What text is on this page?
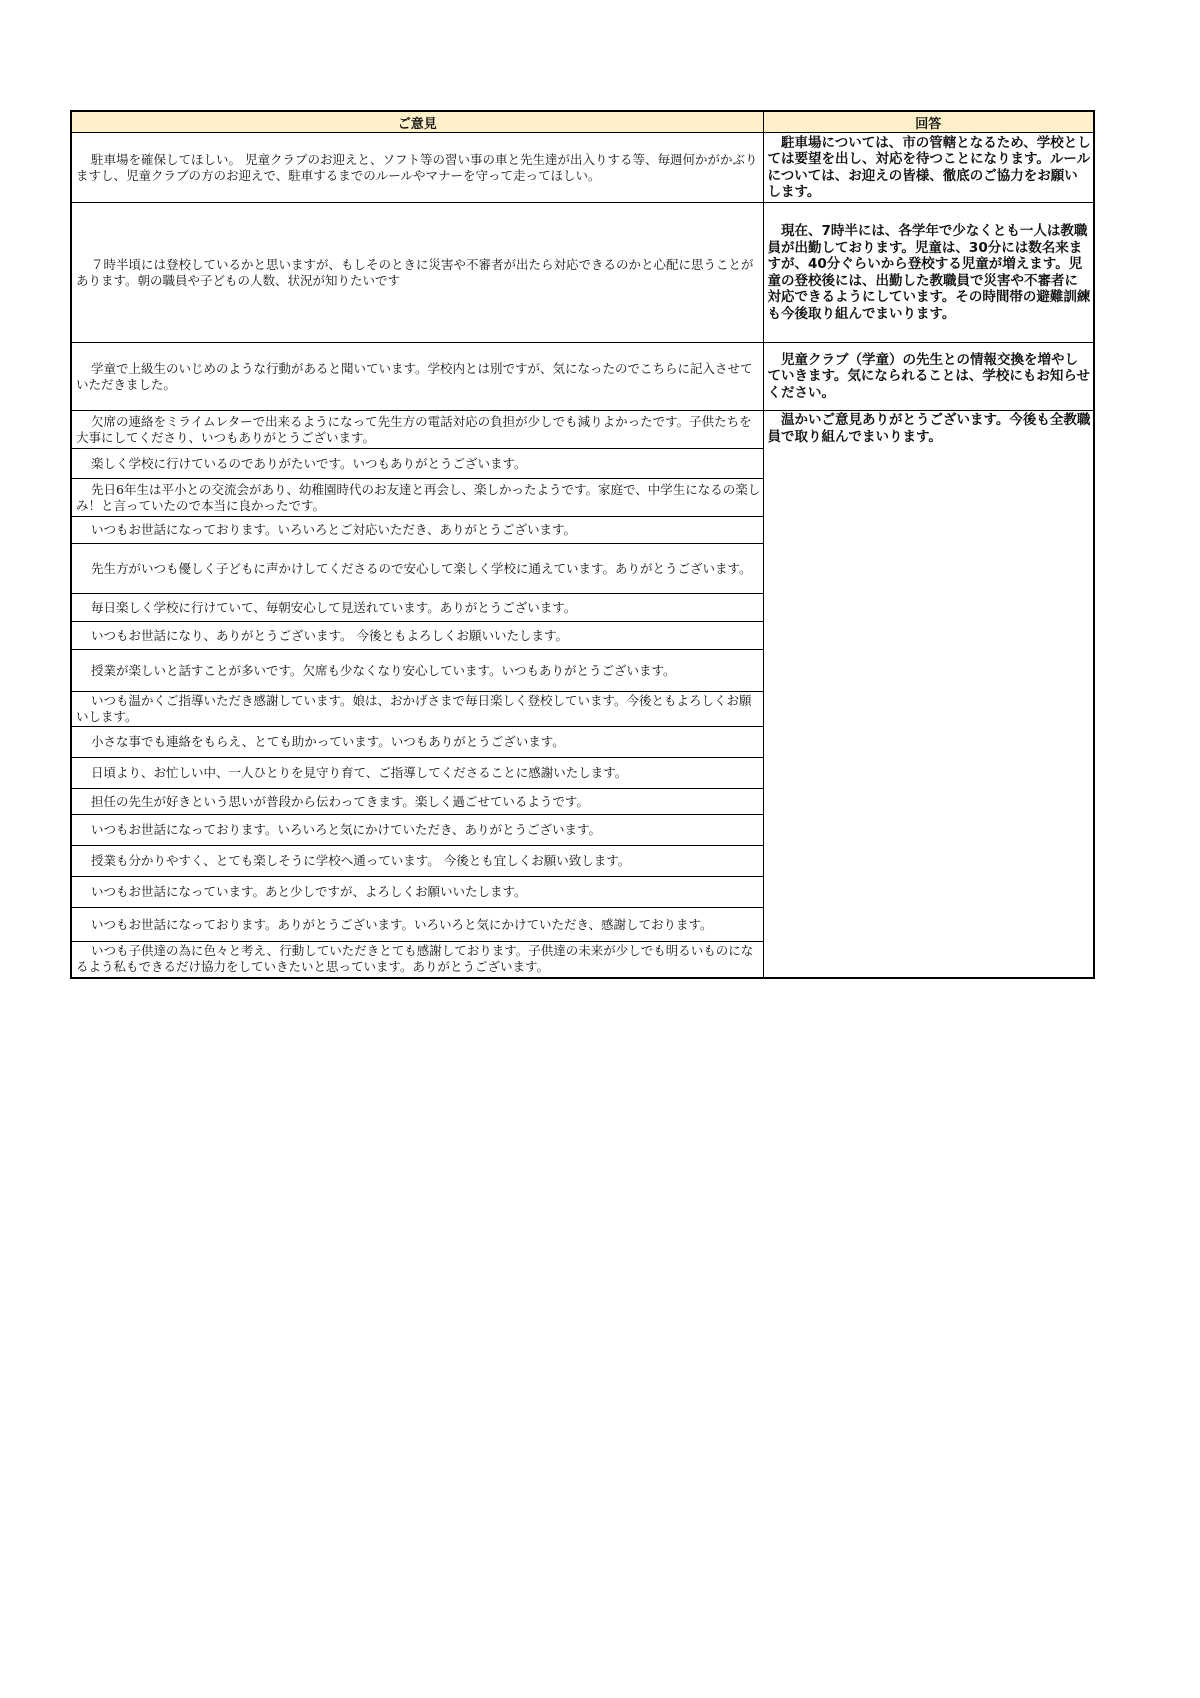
ご意見	回答
駐車場を確保してほしい。 児童クラブのお迎えと、ソフト等の習い事の車と先生達が出入りする等、毎週何かがかぶりますし、児童クラブの方のお迎えで、駐車するまでのルールやマナーを守って走ってほしい。	駐車場については、市の管轄となるため、学校としては要望を出し、対応を待つことになります。ルールについては、お迎えの皆様、徹底のご協力をお願いします。
７時半頃には登校しているかと思いますが、もしそのときに災害や不審者が出たら対応できるのかと心配に思うことがあります。朝の職員や子どもの人数、状況が知りたいです	現在、7時半には、各学年で少なくとも一人は教職員が出勤しております。児童は、30分には数名来ますが、40分ぐらいから登校する児童が増えます。児童の登校後には、出勤した教職員で災害や不審者に対応できるようにしています。その時間帯の避難訓練も今後取り組んでまいります。
学童で上級生のいじめのような行動があると聞いています。学校内とは別ですが、気になったのでこちらに記入させていただきました。	児童クラブ（学童）の先生との情報交換を増やしていきます。気になられることは、学校にもお知らせください。
欠席の連絡をミライムレターで出来るようになって先生方の電話対応の負担が少しでも減りよかったです。子供たちを大事にしてくださり、いつもありがとうございます。	温かいご意見ありがとうございます。今後も全教職員で取り組んでまいります。
楽しく学校に行けているのでありがたいです。いつもありがとうございます。	
先日6年生は平小との交流会があり、幼稚園時代のお友達と再会し、楽しかったようです。家庭で、中学生になるの楽しみ！と言っていたので本当に良かったです。	
いつもお世話になっております。いろいろとご対応いただき、ありがとうございます。	
先生方がいつも優しく子どもに声かけしてくださるので安心して楽しく学校に通えています。ありがとうございます。	
毎日楽しく学校に行けていて、毎朝安心して見送れています。ありがとうございます。	
いつもお世話になり、ありがとうございます。 今後ともよろしくお願いいたします。	
授業が楽しいと話すことが多いです。欠席も少なくなり安心しています。いつもありがとうございます。	
いつも温かくご指導いただき感謝しています。娘は、おかげさまで毎日楽しく登校しています。今後ともよろしくお願いします。	
小さな事でも連絡をもらえ、とても助かっています。いつもありがとうございます。	
日頃より、お忙しい中、一人ひとりを見守り育て、ご指導してくださることに感謝いたします。	
担任の先生が好きという思いが普段から伝わってきます。楽しく過ごせているようです。	
いつもお世話になっております。いろいろと気にかけていただき、ありがとうございます。	
授業も分かりやすく、とても楽しそうに学校へ通っています。 今後とも宜しくお願い致します。	
いつもお世話になっています。あと少しですが、よろしくお願いいたします。	
いつもお世話になっております。ありがとうございます。いろいろと気にかけていただき、感謝しております。	
いつも子供達の為に色々と考え、行動していただきとても感謝しております。子供達の未来が少しでも明るいものになるよう私もできるだけ協力をしていきたいと思っています。ありがとうございます。	
